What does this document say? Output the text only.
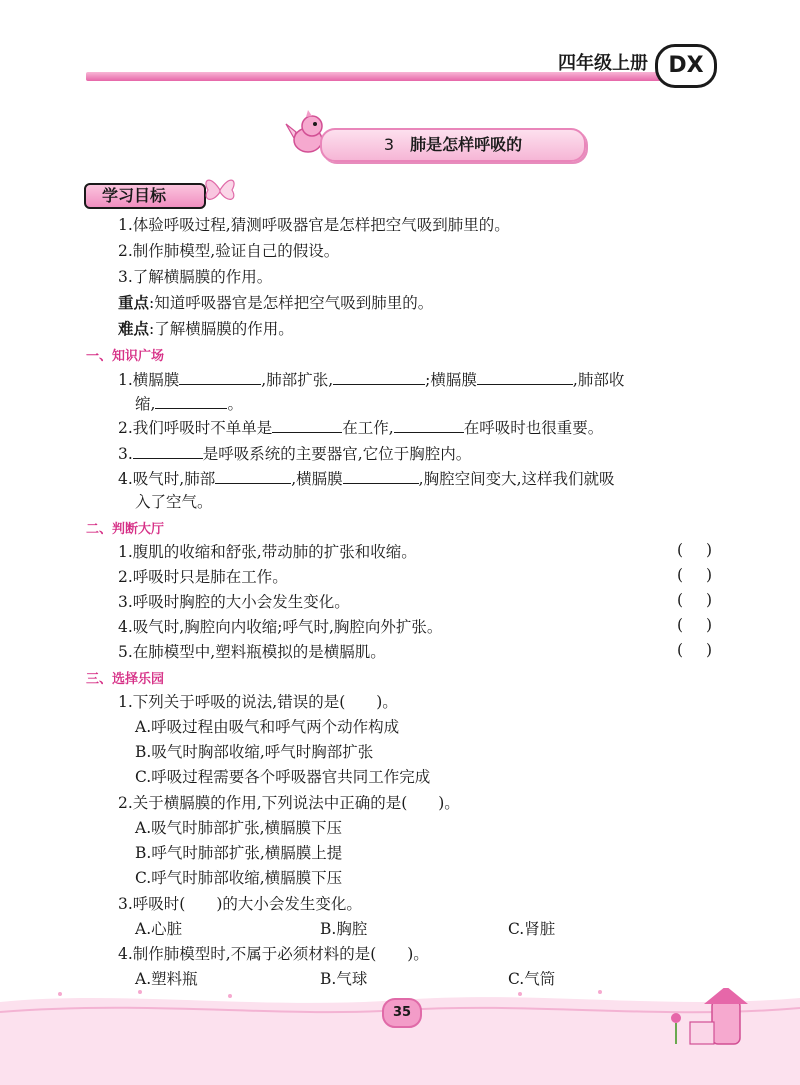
四年级上册 DX
3 肺是怎样呼吸的
学习目标
1.体验呼吸过程,猜测呼吸器官是怎样把空气吸到肺里的。
2.制作肺模型,验证自己的假设。
3.了解横膈膜的作用。
重点:知道呼吸器官是怎样把空气吸到肺里的。
难点:了解横膈膜的作用。
一、知识广场
1.横膈膜	,肺部扩张,	;横膈膜	,肺部收
缩,	。
2.我们呼吸时不单单是	在工作,	在呼吸时也很重要。
3.	是呼吸系统的主要器官,它位于胸腔内。
4.吸气时,肺部	,横膈膜	,胸腔空间变大,这样我们就吸
入了空气。
二、判断大厅
1.腹肌的收缩和舒张,带动肺的扩张和收缩。	( )
2.呼吸时只是肺在工作。	( )
3.呼吸时胸腔的大小会发生变化。	( )
4.吸气时,胸腔向内收缩;呼气时,胸腔向外扩张。	( )
5.在肺模型中,塑料瓶模拟的是横膈肌。	( )
三、选择乐园
1.下列关于呼吸的说法,错误的是(　　)。
A.呼吸过程由吸气和呼气两个动作构成
B.吸气时胸部收缩,呼气时胸部扩张
C.呼吸过程需要各个呼吸器官共同工作完成
2.关于横膈膜的作用,下列说法中正确的是(　　)。
A.吸气时肺部扩张,横膈膜下压
B.呼气时肺部扩张,横膈膜上提
C.呼气时肺部收缩,横膈膜下压
3.呼吸时(　　)的大小会发生变化。
A.心脏	B.胸腔	C.肾脏
4.制作肺模型时,不属于必须材料的是(　　)。
A.塑料瓶	B.气球	C.气筒
35
